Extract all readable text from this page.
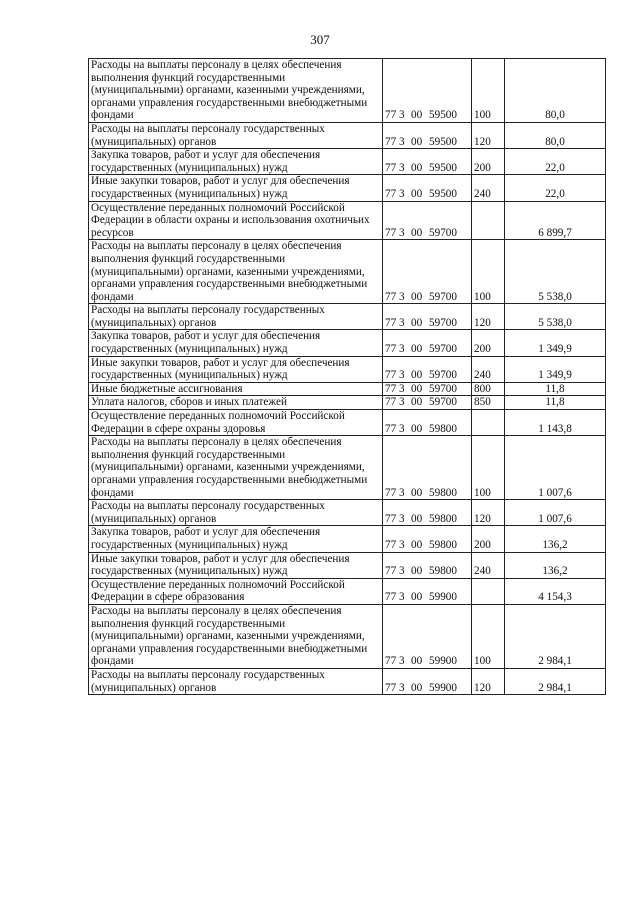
307
Расходы на выплаты персоналу в целях обеспечения выполнения функций государственными (муниципальными) органами, казенными учреждениями, органами управления государственными внебюджетными фондами	77 3 00 59500	100	80,0
Расходы на выплаты персоналу государственных (муниципальных) органов	77 3 00 59500	120	80,0
Закупка товаров, работ и услуг для обеспечения государственных (муниципальных) нужд	77 3 00 59500	200	22,0
Иные закупки товаров, работ и услуг для обеспечения государственных (муниципальных) нужд	77 3 00 59500	240	22,0
Осуществление переданных полномочий Российской Федерации в области охраны и использования охотничьих ресурсов	77 3 00 59700		6 899,7
Расходы на выплаты персоналу в целях обеспечения выполнения функций государственными (муниципальными) органами, казенными учреждениями, органами управления государственными внебюджетными фондами	77 3 00 59700	100	5 538,0
Расходы на выплаты персоналу государственных (муниципальных) органов	77 3 00 59700	120	5 538,0
Закупка товаров, работ и услуг для обеспечения государственных (муниципальных) нужд	77 3 00 59700	200	1 349,9
Иные закупки товаров, работ и услуг для обеспечения государственных (муниципальных) нужд	77 3 00 59700	240	1 349,9
Иные бюджетные ассигнования	77 3 00 59700	800	11,8
Уплата налогов, сборов и иных платежей	77 3 00 59700	850	11,8
Осуществление переданных полномочий Российской Федерации в сфере охраны здоровья	77 3 00 59800		1 143,8
Расходы на выплаты персоналу в целях обеспечения выполнения функций государственными (муниципальными) органами, казенными учреждениями, органами управления государственными внебюджетными фондами	77 3 00 59800	100	1 007,6
Расходы на выплаты персоналу государственных (муниципальных) органов	77 3 00 59800	120	1 007,6
Закупка товаров, работ и услуг для обеспечения государственных (муниципальных) нужд	77 3 00 59800	200	136,2
Иные закупки товаров, работ и услуг для обеспечения государственных (муниципальных) нужд	77 3 00 59800	240	136,2
Осуществление переданных полномочий Российской Федерации в сфере образования	77 3 00 59900		4 154,3
Расходы на выплаты персоналу в целях обеспечения выполнения функций государственными (муниципальными) органами, казенными учреждениями, органами управления государственными внебюджетными фондами	77 3 00 59900	100	2 984,1
Расходы на выплаты персоналу государственных (муниципальных) органов	77 3 00 59900	120	2 984,1
